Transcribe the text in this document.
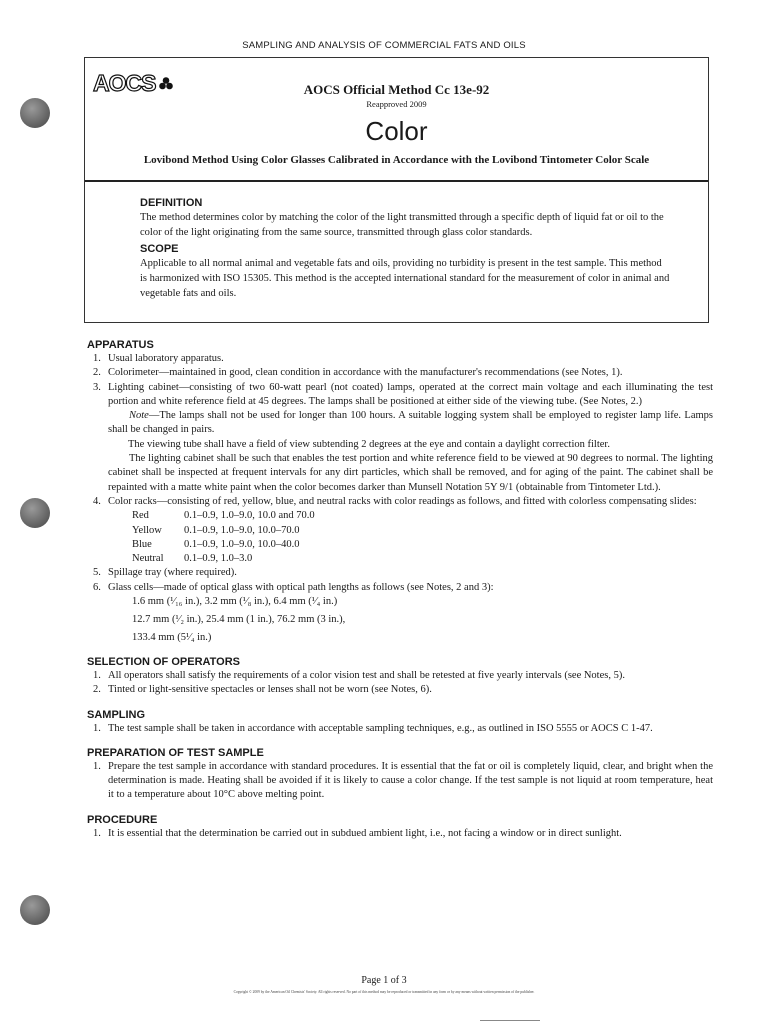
SAMPLING AND ANALYSIS OF COMMERCIAL FATS AND OILS
AOCS	AOCS Official Method Cc 13e-92
Reapproved 2009
Color
Lovibond Method Using Color Glasses Calibrated in Accordance with the Lovibond Tintometer Color Scale
DEFINITION

The method determines color by matching the color of the light transmitted through a specific depth of liquid fat or oil to the color of the light originating from the same source, transmitted through glass color standards.

SCOPE

Applicable to all normal animal and vegetable fats and oils, providing no turbidity is present in the test sample. This method is harmonized with ISO 15305. This method is the accepted international standard for the measurement of color in animal and vegetable fats and oils.

APPARATUS
1. Usual laboratory apparatus.
2. Colorimeter—maintained in good, clean condition in accordance with the manufacturer's recommendations (see Notes, 1).
3. Lighting cabinet—consisting of two 60-watt pearl (not coated) lamps, operated at the correct main voltage and each illuminating the test portion and white reference field at 45 degrees. The lamps shall be positioned at either side of the viewing tube. (See Notes, 2.)
Note—The lamps shall not be used for longer than 100 hours. A suitable logging system shall be employed to register lamp life. Lamps shall be changed in pairs.
The viewing tube shall have a field of view subtending 2 degrees at the eye and contain a daylight correction filter.
The lighting cabinet shall be such that enables the test portion and white reference field to be viewed at 90 degrees to normal. The lighting cabinet shall be inspected at frequent intervals for any dirt particles, which shall be removed, and for aging of the paint. The cabinet shall be repainted with a matte white paint when the color becomes darker than Munsell Notation 5Y 9/1 (obtainable from Tintometer Ltd.).
4. Color racks—consisting of red, yellow, blue, and neutral racks with color readings as follows, and fitted with colorless compensating slides:
Red	0.1–0.9, 1.0–9.0, 10.0 and 70.0
Yellow	0.1–0.9, 1.0–9.0, 10.0–70.0
Blue	0.1–0.9, 1.0–9.0, 10.0–40.0
Neutral	0.1–0.9, 1.0–3.0
5. Spillage tray (where required).
6. Glass cells—made of optical glass with optical path lengths as follows (see Notes, 2 and 3):
1.6 mm (¹⁄₁₆ in.), 3.2 mm (¹⁄₈ in.), 6.4 mm (¹⁄₄ in.)
12.7 mm (¹⁄₂ in.), 25.4 mm (1 in.), 76.2 mm (3 in.),
133.4 mm (5¹⁄₄ in.)
SELECTION OF OPERATORS
1. All operators shall satisfy the requirements of a color vision test and shall be retested at five yearly intervals (see Notes, 5).
2. Tinted or light-sensitive spectacles or lenses shall not be worn (see Notes, 6).
SAMPLING
1. The test sample shall be taken in accordance with acceptable sampling techniques, e.g., as outlined in ISO 5555 or AOCS C 1-47.
PREPARATION OF TEST SAMPLE
1. Prepare the test sample in accordance with standard procedures. It is essential that the fat or oil is completely liquid, clear, and bright when the determination is made. Heating shall be avoided if it is likely to cause a color change. If the test sample is not liquid at room temperature, heat it to a temperature about 10°C above melting point.
PROCEDURE
1. It is essential that the determination be carried out in subdued ambient light, i.e., not facing a window or in direct sunlight.
Page 1 of 3
Copyright © 2009 by the American Oil Chemists' Society. All rights reserved. No part of this method may be reproduced or transmitted in any form or by any means without written permission of the publisher.
